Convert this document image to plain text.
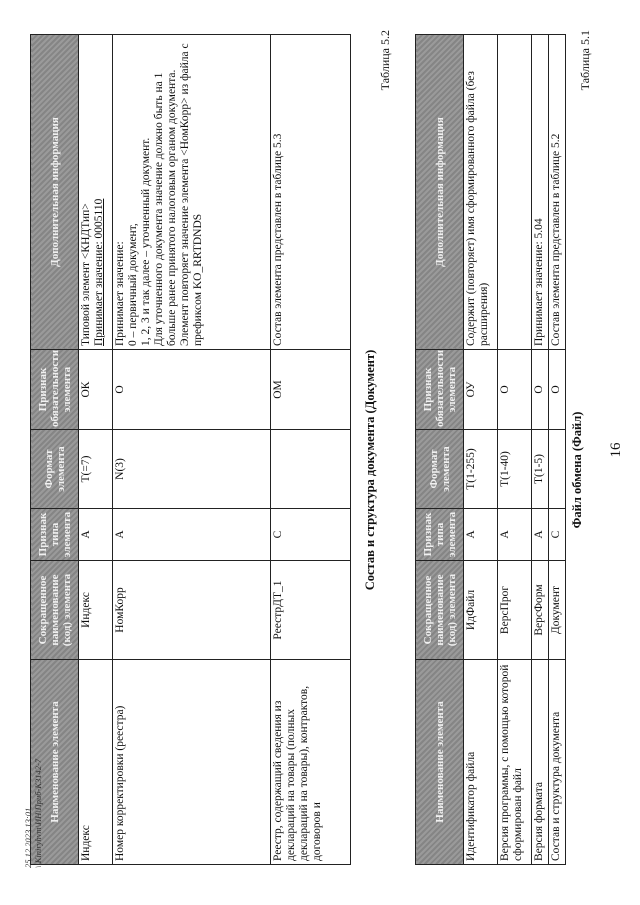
16
Таблица 5.1
Файл обмена (Файл)
Наименование элемента	Сокращенное наименование (код) элемента	Признак типа элемента	Формат элемента	Признак обязательности элемента	Дополнительная информация
Идентификатор файла	ИдФайл	А	Т(1-255)	ОУ	Содержит (повторяет) имя сформированного файла (без расширения)
Версия программы, с помощью которой сформирован файл	ВерсПрог	А	Т(1-40)	О	
Версия формата	ВерсФорм	А	Т(1-5)	О	Принимает значение: 5.04
Состав и структура документа	Документ	С		О	Состав элемента представлен в таблице 5.2
Таблица 5.2
Состав и структура документа (Документ)
Наименование элемента	Сокращенное наименование (код) элемента	Признак типа элемента	Формат элемента	Признак обязательности элемента	Дополнительная информация
Индекс	Индекс	А	Т(=7)	ОК	Типовой элемент <КНДТип> Принимает значение: 0005110

Номер корректировки (реестра)	НомКорр	А	N(3)	О	Принимает значение: 0 – первичный документ, 1, 2, 3 и так далее – уточненный документ. Для уточненного документа значение должно быть на 1 больше ранее принятого налоговым органом документа. Элемент повторяет значение элемента <НомКорр> из файла с префиксом KO_RRTDNDS

Реестр, содержащий сведения из деклараций на товары (полных деклараций на товары), контрактов, договоров и	РеестрДТ_1	С		ОМ	Состав элемента представлен в таблице 5.3
25.12.2023 13:01 \\Kiniryhvm\ИН\Приб-К3142-7
